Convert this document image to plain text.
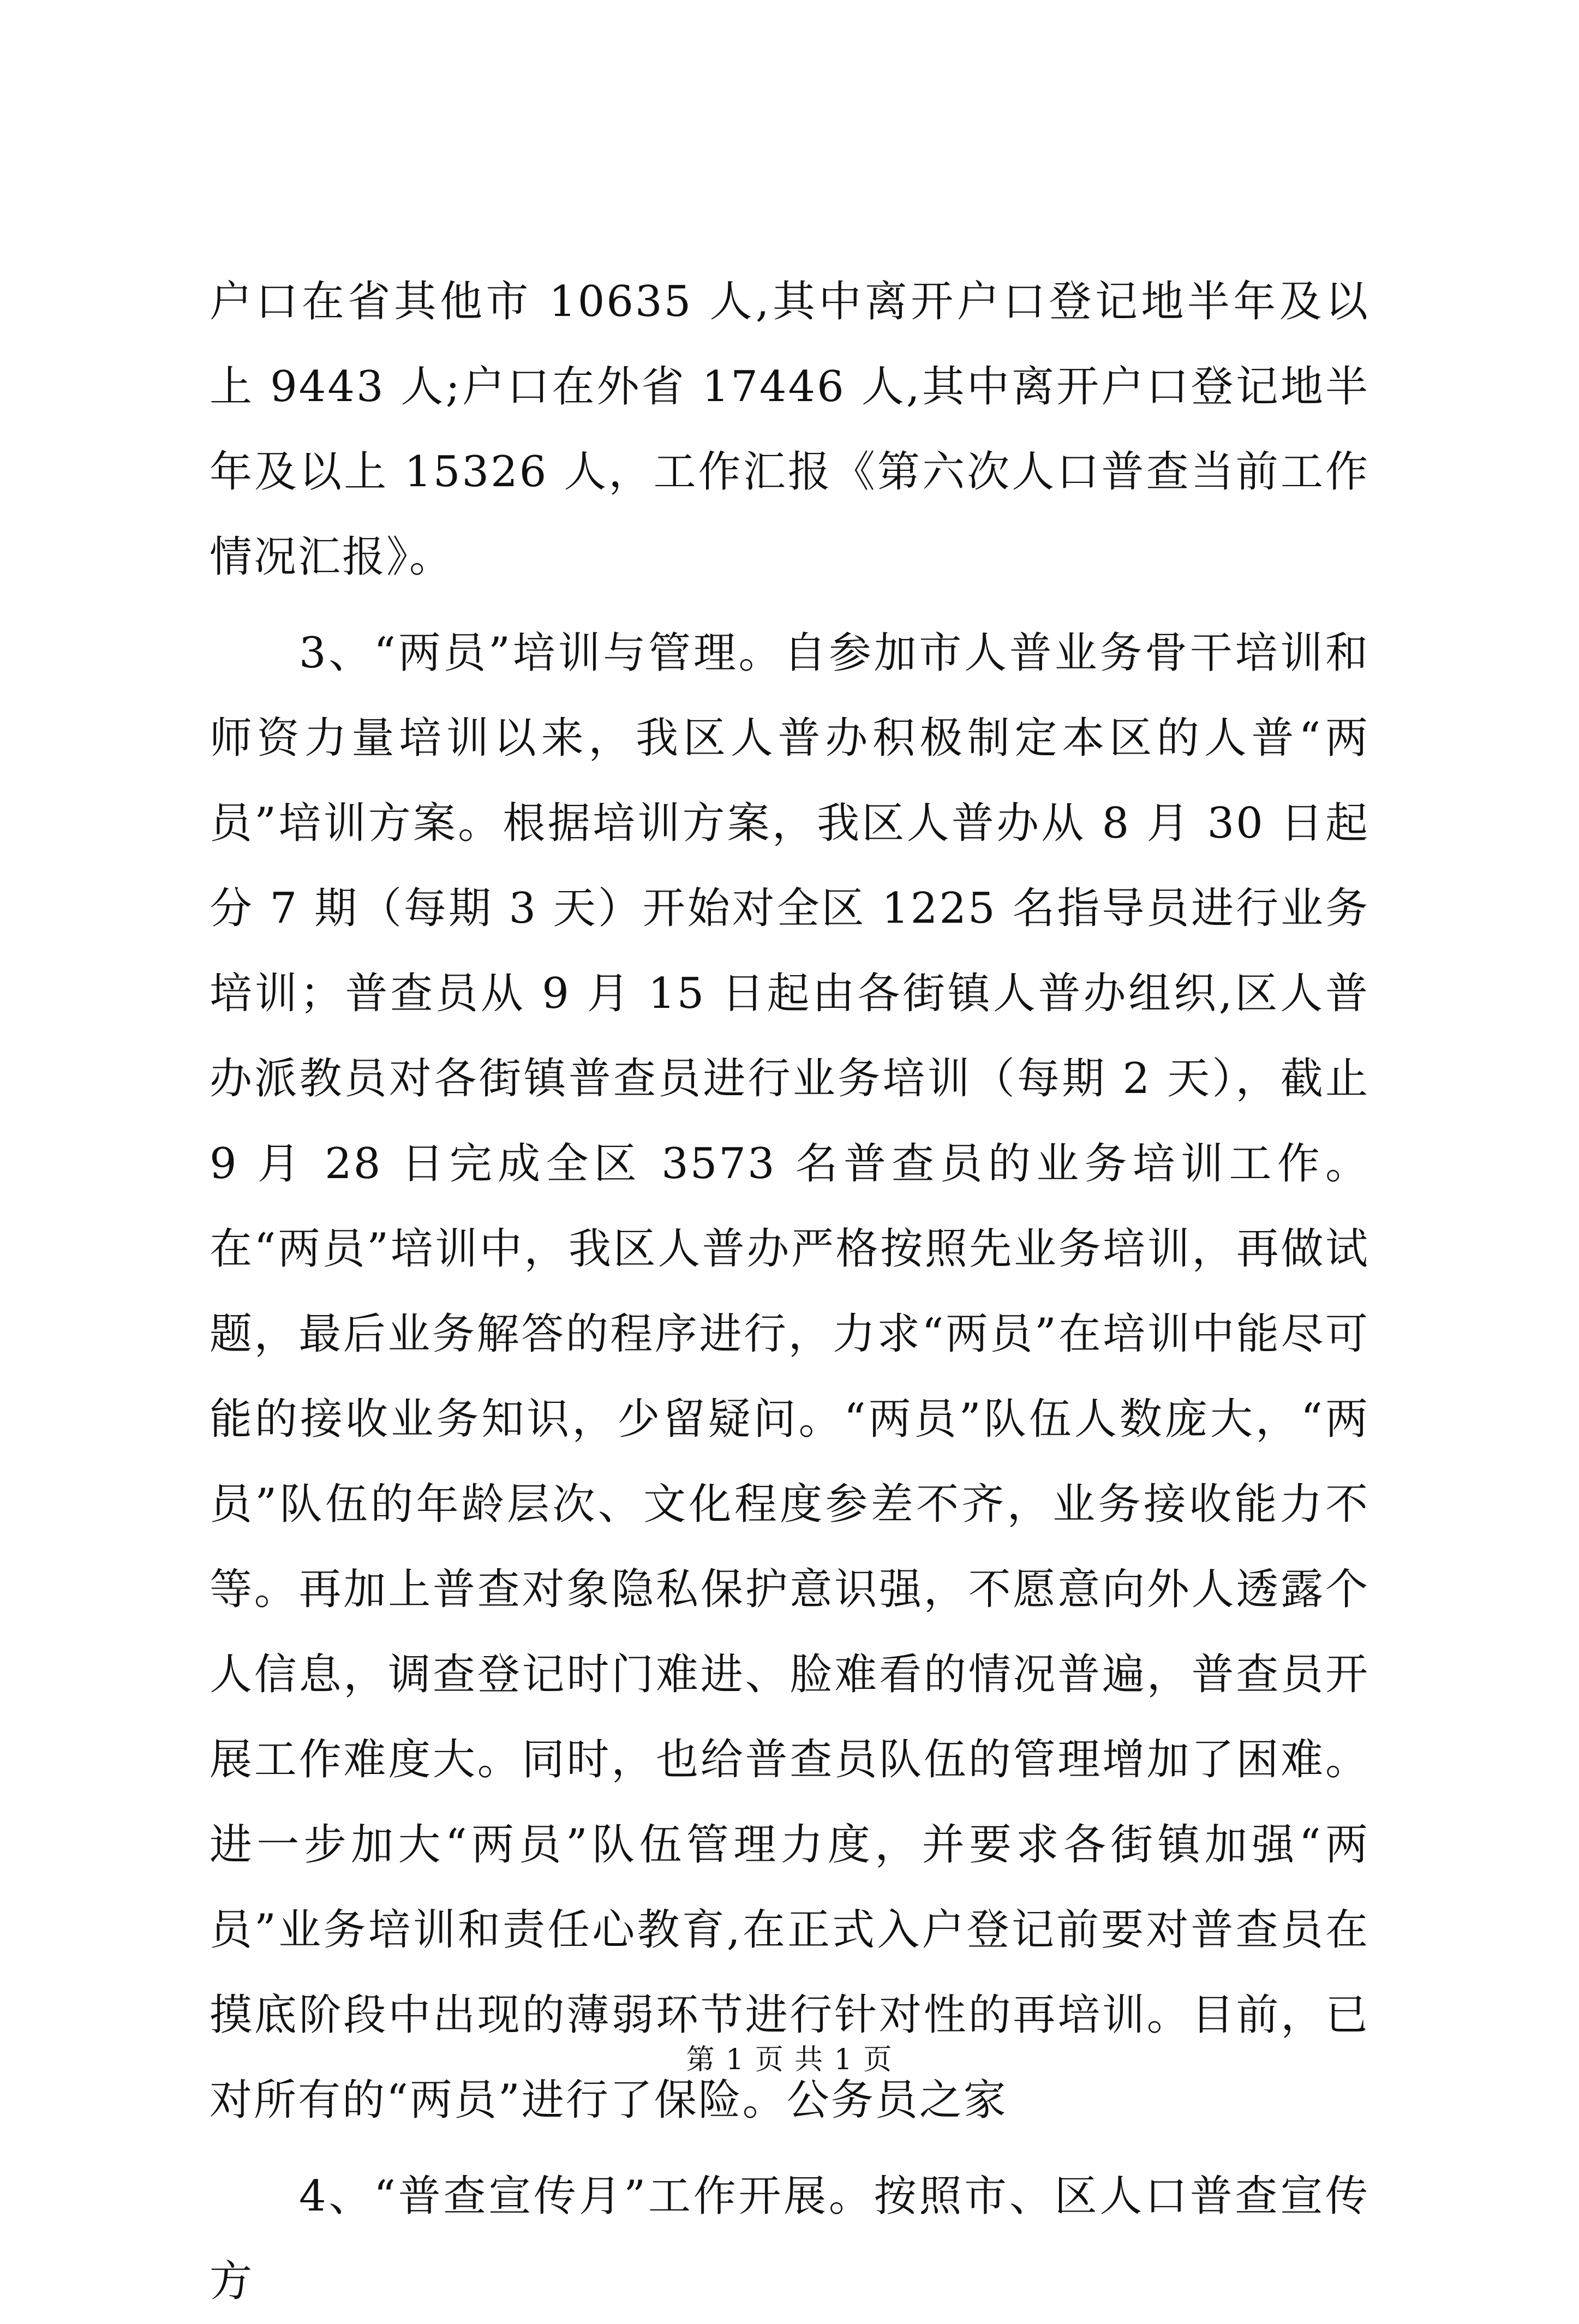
户口在省其他市 10635 人,其中离开户口登记地半年及以上 9443 人;户口在外省 17446 人,其中离开户口登记地半年及以上 15326 人，工作汇报《第六次人口普查当前工作情况汇报》。

3、“两员”培训与管理。自参加市人普业务骨干培训和师资力量培训以来，我区人普办积极制定本区的人普“两员”培训方案。根据培训方案，我区人普办从 8 月 30 日起分 7 期（每期 3 天）开始对全区 1225 名指导员进行业务培训；普查员从 9 月 15 日起由各街镇人普办组织,区人普办派教员对各街镇普查员进行业务培训（每期 2 天），截止 9 月 28 日完成全区 3573 名普查员的业务培训工作。在“两员”培训中，我区人普办严格按照先业务培训，再做试题，最后业务解答的程序进行，力求“两员”在培训中能尽可能的接收业务知识，少留疑问。“两员”队伍人数庞大，“两员”队伍的年龄层次、文化程度参差不齐，业务接收能力不等。再加上普查对象隐私保护意识强，不愿意向外人透露个人信息，调查登记时门难进、脸难看的情况普遍，普查员开展工作难度大。同时，也给普查员队伍的管理增加了困难。进一步加大“两员”队伍管理力度，并要求各街镇加强“两员”业务培训和责任心教育,在正式入户登记前要对普查员在摸底阶段中出现的薄弱环节进行针对性的再培训。目前，已对所有的“两员”进行了保险。公务员之家

4、“普查宣传月”工作开展。按照市、区人口普查宣传方

第 1 页 共 1 页
